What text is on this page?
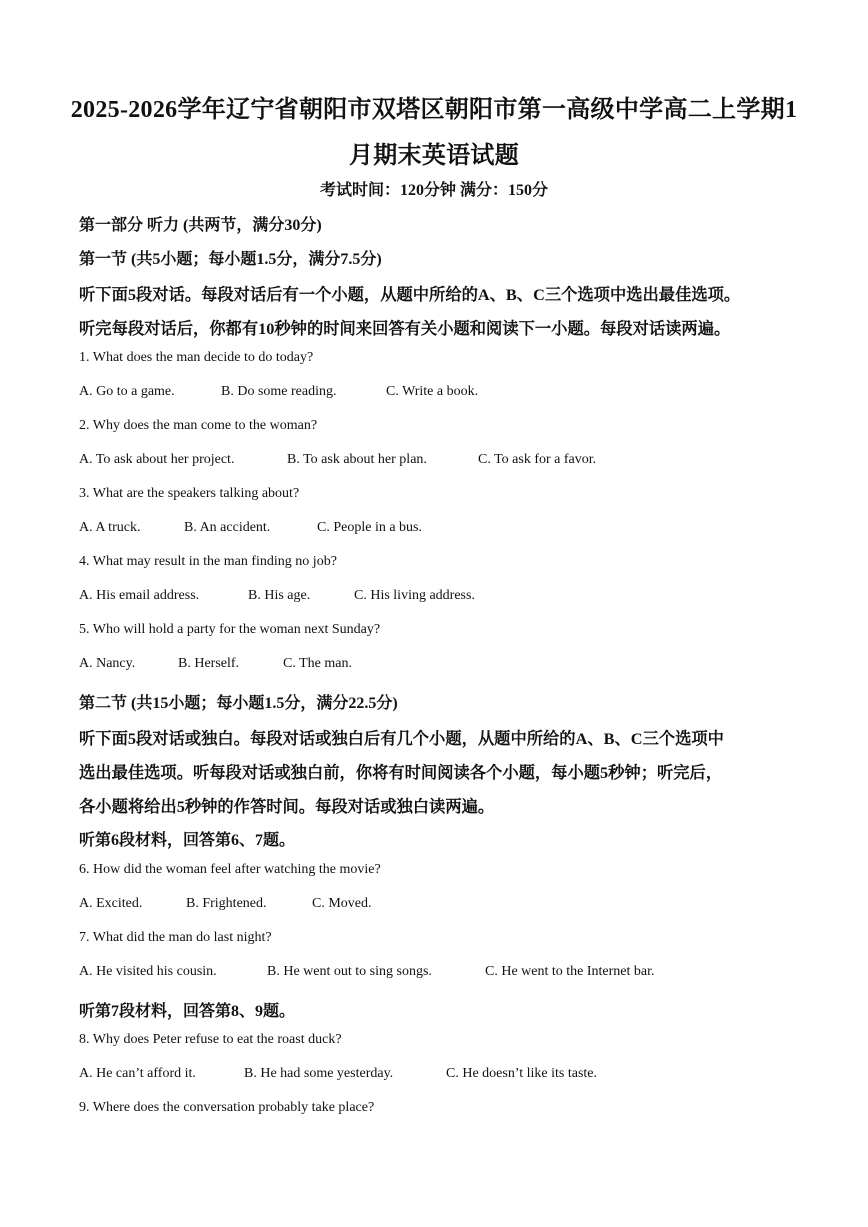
2025-2026学年辽宁省朝阳市双塔区朝阳市第一高级中学高二上学期1
月期末英语试题
考试时间：120分钟 满分：150分
第一部分 听力 (共两节，满分30分)
第一节 (共5小题；每小题1.5分，满分7.5分)
听下面5段对话。每段对话后有一个小题，从题中所给的A、B、C三个选项中选出最佳选项。
听完每段对话后，你都有10秒钟的时间来回答有关小题和阅读下一小题。每段对话读两遍。
1. What does the man decide to do today?
A. Go to a game.	B. Do some reading.	C. Write a book.
2. Why does the man come to the woman?
A. To ask about her project.	B. To ask about her plan.	C. To ask for a favor.
3. What are the speakers talking about?
A. A truck.	B. An accident.	C. People in a bus.
4. What may result in the man finding no job?
A. His email address.	B. His age.	C. His living address.
5. Who will hold a party for the woman next Sunday?
A. Nancy.	B. Herself.	C. The man.
第二节 (共15小题；每小题1.5分，满分22.5分)
听下面5段对话或独白。每段对话或独白后有几个小题，从题中所给的A、B、C三个选项中
选出最佳选项。听每段对话或独白前，你将有时间阅读各个小题，每小题5秒钟；听完后，
各小题将给出5秒钟的作答时间。每段对话或独白读两遍。
听第6段材料，回答第6、7题。
6. How did the woman feel after watching the movie?
A. Excited.	B. Frightened.	C. Moved.
7. What did the man do last night?
A. He visited his cousin.	B. He went out to sing songs.	C. He went to the Internet bar.
听第7段材料，回答第8、9题。
8. Why does Peter refuse to eat the roast duck?
A. He can’t afford it.	B. He had some yesterday.	C. He doesn’t like its taste.
9. Where does the conversation probably take place?
